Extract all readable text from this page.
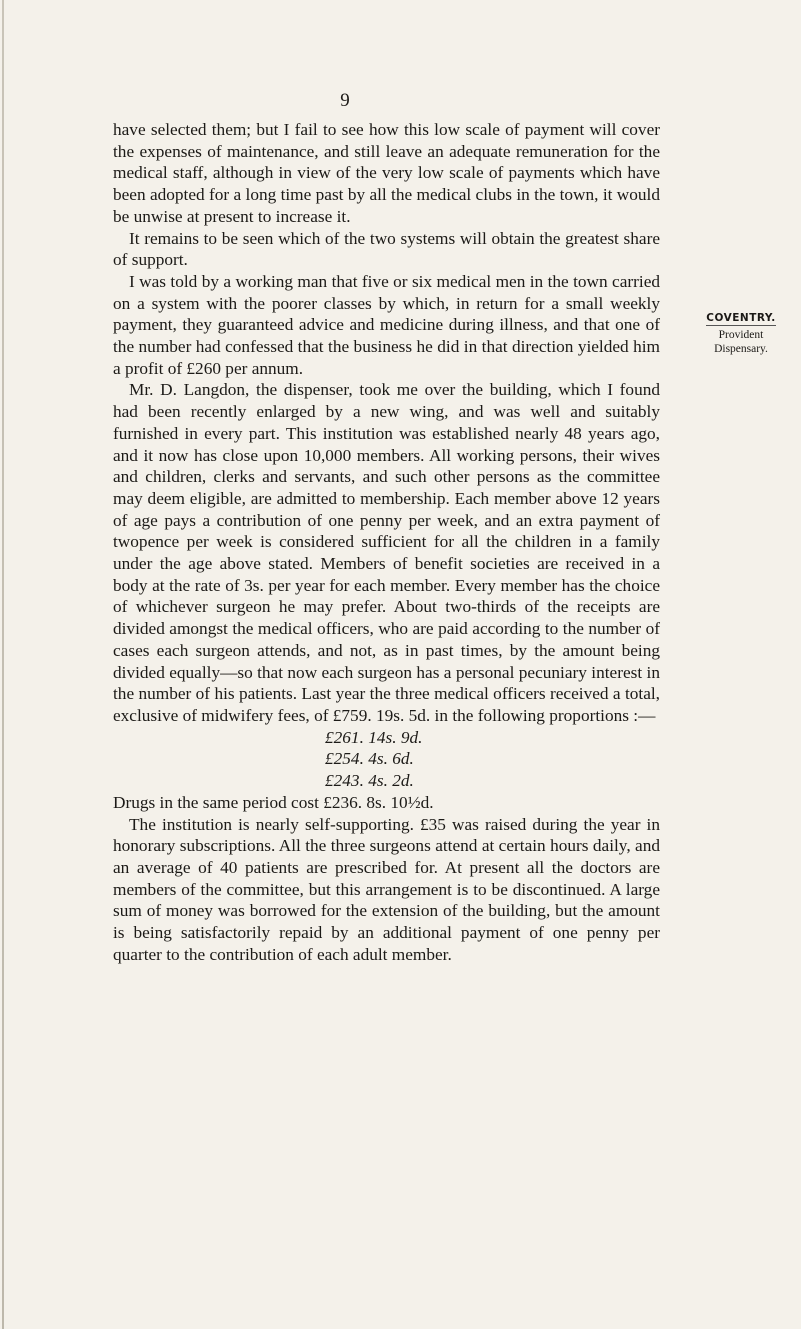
9

have selected them; but I fail to see how this low scale of payment will cover the expenses of maintenance, and still leave an adequate remuneration for the medical staff, although in view of the very low scale of payments which have been adopted for a long time past by all the medical clubs in the town, it would be unwise at present to increase it.

It remains to be seen which of the two systems will obtain the greatest share of support.

I was told by a working man that five or six medical men in the town carried on a system with the poorer classes by which, in return for a small weekly payment, they guaranteed advice and medicine during illness, and that one of the number had confessed that the business he did in that direction yielded him a profit of £260 per annum.

Mr. D. Langdon, the dispenser, took me over the building, which I found had been recently enlarged by a new wing, and was well and suitably furnished in every part. This institution was established nearly 48 years ago, and it now has close upon 10,000 members. All working persons, their wives and children, clerks and servants, and such other persons as the committee may deem eligible, are admitted to membership. Each member above 12 years of age pays a contribution of one penny per week, and an extra payment of twopence per week is considered sufficient for all the children in a family under the age above stated. Members of benefit societies are received in a body at the rate of 3s. per year for each member. Every member has the choice of whichever surgeon he may prefer. About two-thirds of the receipts are divided amongst the medical officers, who are paid according to the number of cases each surgeon attends, and not, as in past times, by the amount being divided equally—so that now each surgeon has a personal pecuniary interest in the number of his patients. Last year the three medical officers received a total, exclusive of midwifery fees, of £759. 19s. 5d. in the following proportions :—

£261. 14s. 9d.
£254. 4s. 6d.
£243. 4s. 2d.

Drugs in the same period cost £236. 8s. 10½d.

The institution is nearly self-supporting. £35 was raised during the year in honorary subscriptions. All the three surgeons attend at certain hours daily, and an average of 40 patients are prescribed for. At present all the doctors are members of the committee, but this arrangement is to be discontinued. A large sum of money was borrowed for the extension of the building, but the amount is being satisfactorily repaid by an additional payment of one penny per quarter to the contribution of each adult member.

COVENTRY.
Provident
Dispensary.
